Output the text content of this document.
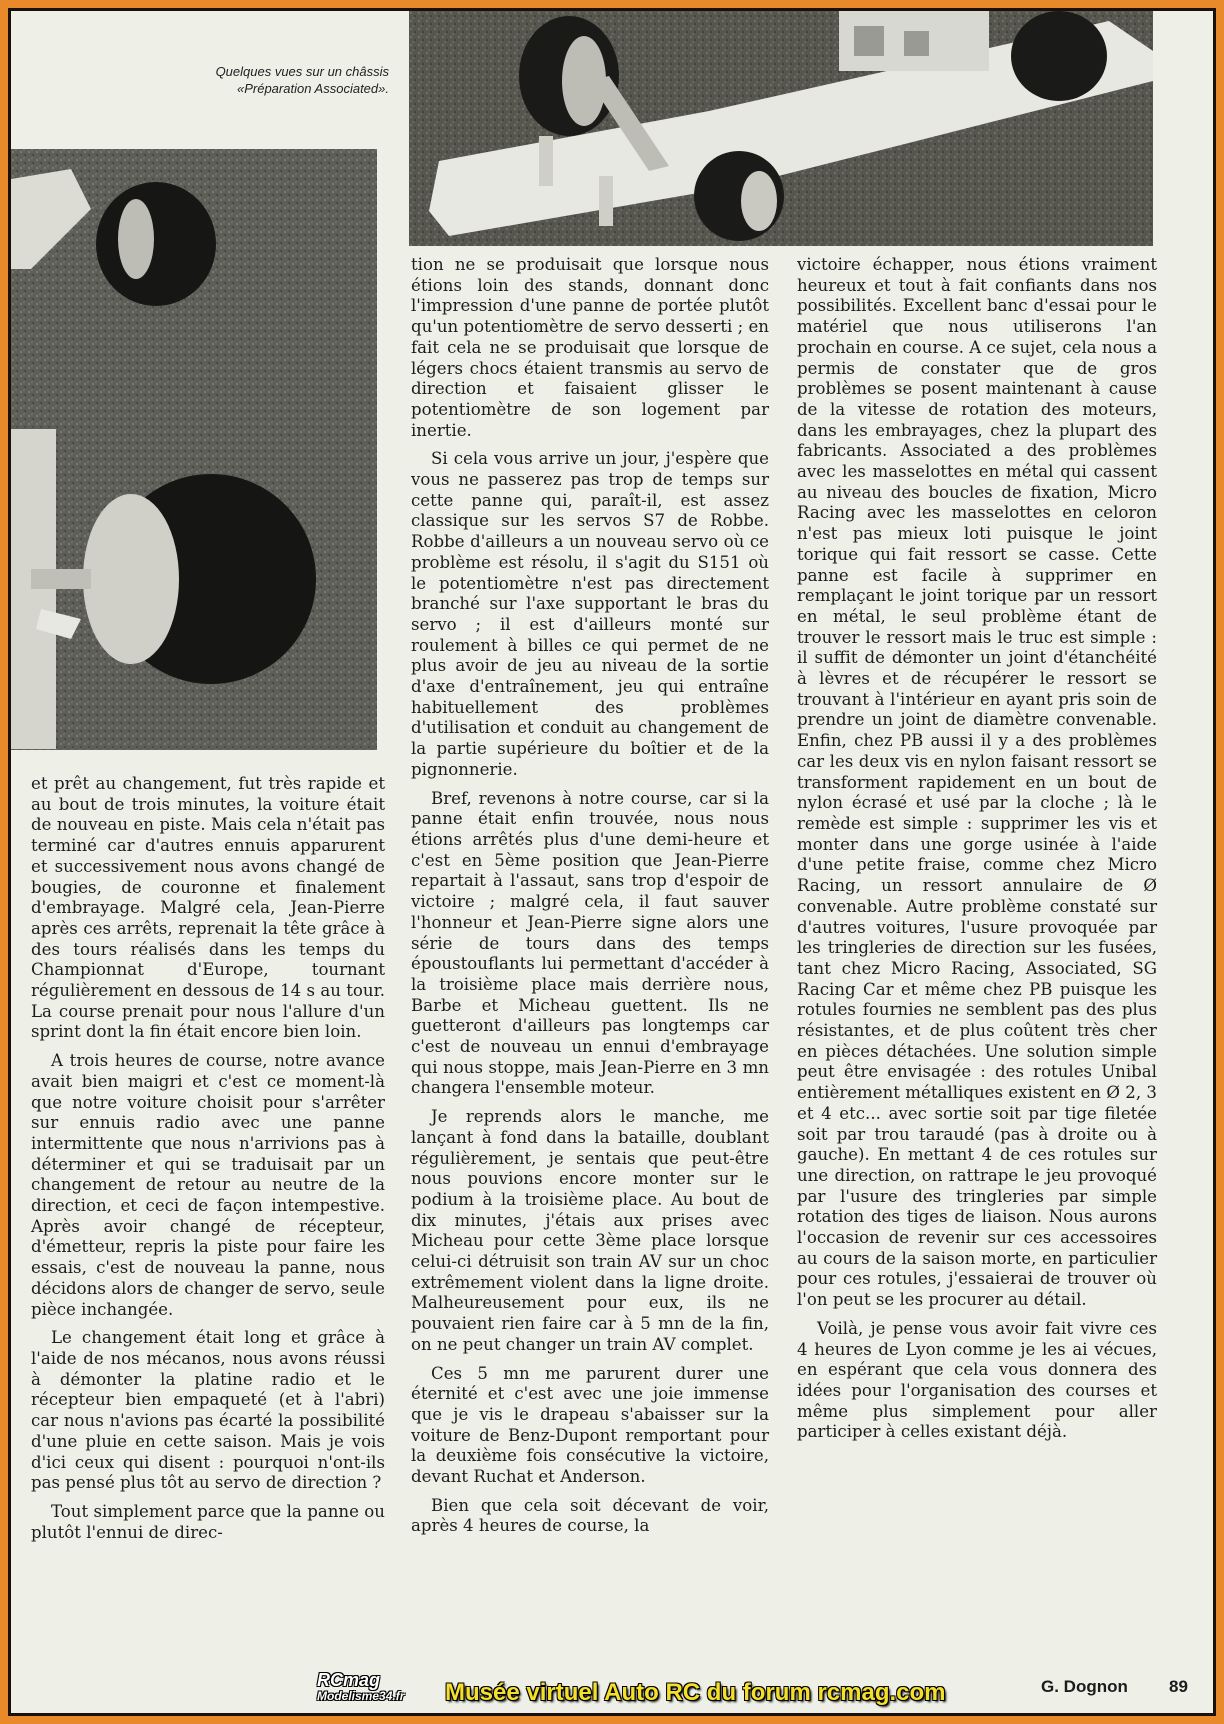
Quelques vues sur un châssis
«Préparation Associated».

et prêt au changement, fut très rapide et au bout de trois minutes, la voiture était de nouveau en piste. Mais cela n'était pas terminé car d'autres ennuis apparurent et successivement nous avons changé de bougies, de couronne et finalement d'embrayage. Malgré cela, Jean-Pierre après ces arrêts, reprenait la tête grâce à des tours réalisés dans les temps du Championnat d'Europe, tournant régulièrement en dessous de 14 s au tour. La course prenait pour nous l'allure d'un sprint dont la fin était encore bien loin.

A trois heures de course, notre avance avait bien maigri et c'est ce moment-là que notre voiture choisit pour s'arrêter sur ennuis radio avec une panne intermittente que nous n'arrivions pas à déterminer et qui se traduisait par un changement de retour au neutre de la direction, et ceci de façon intempestive. Après avoir changé de récepteur, d'émetteur, repris la piste pour faire les essais, c'est de nouveau la panne, nous décidons alors de changer de servo, seule pièce inchangée.

Le changement était long et grâce à l'aide de nos mécanos, nous avons réussi à démonter la platine radio et le récepteur bien empaqueté (et à l'abri) car nous n'avions pas écarté la possibilité d'une pluie en cette saison. Mais je vois d'ici ceux qui disent : pourquoi n'ont-ils pas pensé plus tôt au servo de direction ?

Tout simplement parce que la panne ou plutôt l'ennui de direc-

tion ne se produisait que lorsque nous étions loin des stands, donnant donc l'impression d'une panne de portée plutôt qu'un potentiomètre de servo desserti ; en fait cela ne se produisait que lorsque de légers chocs étaient transmis au servo de direction et faisaient glisser le potentiomètre de son logement par inertie.

Si cela vous arrive un jour, j'espère que vous ne passerez pas trop de temps sur cette panne qui, paraît-il, est assez classique sur les servos S7 de Robbe. Robbe d'ailleurs a un nouveau servo où ce problème est résolu, il s'agit du S151 où le potentiomètre n'est pas directement branché sur l'axe supportant le bras du servo ; il est d'ailleurs monté sur roulement à billes ce qui permet de ne plus avoir de jeu au niveau de la sortie d'axe d'entraînement, jeu qui entraîne habituellement des problèmes d'utilisation et conduit au changement de la partie supérieure du boîtier et de la pignonnerie.

Bref, revenons à notre course, car si la panne était enfin trouvée, nous nous étions arrêtés plus d'une demi-heure et c'est en 5ème position que Jean-Pierre repartait à l'assaut, sans trop d'espoir de victoire ; malgré cela, il faut sauver l'honneur et Jean-Pierre signe alors une série de tours dans des temps époustouflants lui permettant d'accéder à la troisième place mais derrière nous, Barbe et Micheau guettent. Ils ne guetteront d'ailleurs pas longtemps car c'est de nouveau un ennui d'embrayage qui nous stoppe, mais Jean-Pierre en 3 mn changera l'ensemble moteur.

Je reprends alors le manche, me lançant à fond dans la bataille, doublant régulièrement, je sentais que peut-être nous pouvions encore monter sur le podium à la troisième place. Au bout de dix minutes, j'étais aux prises avec Micheau pour cette 3ème place lorsque celui-ci détruisit son train AV sur un choc extrêmement violent dans la ligne droite. Malheureusement pour eux, ils ne pouvaient rien faire car à 5 mn de la fin, on ne peut changer un train AV complet.

Ces 5 mn me parurent durer une éternité et c'est avec une joie immense que je vis le drapeau s'abaisser sur la voiture de Benz-Dupont remportant pour la deuxième fois consécutive la victoire, devant Ruchat et Anderson.

Bien que cela soit décevant de voir, après 4 heures de course, la

victoire échapper, nous étions vraiment heureux et tout à fait confiants dans nos possibilités. Excellent banc d'essai pour le matériel que nous utiliserons l'an prochain en course. A ce sujet, cela nous a permis de constater que de gros problèmes se posent maintenant à cause de la vitesse de rotation des moteurs, dans les embrayages, chez la plupart des fabricants. Associated a des problèmes avec les masselottes en métal qui cassent au niveau des boucles de fixation, Micro Racing avec les masselottes en celoron n'est pas mieux loti puisque le joint torique qui fait ressort se casse. Cette panne est facile à supprimer en remplaçant le joint torique par un ressort en métal, le seul problème étant de trouver le ressort mais le truc est simple : il suffit de démonter un joint d'étanchéité à lèvres et de récupérer le ressort se trouvant à l'intérieur en ayant pris soin de prendre un joint de diamètre convenable. Enfin, chez PB aussi il y a des problèmes car les deux vis en nylon faisant ressort se transforment rapidement en un bout de nylon écrasé et usé par la cloche ; là le remède est simple : supprimer les vis et monter dans une gorge usinée à l'aide d'une petite fraise, comme chez Micro Racing, un ressort annulaire de Ø convenable. Autre problème constaté sur d'autres voitures, l'usure provoquée par les tringleries de direction sur les fusées, tant chez Micro Racing, Associated, SG Racing Car et même chez PB puisque les rotules fournies ne semblent pas des plus résistantes, et de plus coûtent très cher en pièces détachées. Une solution simple peut être envisagée : des rotules Unibal entièrement métalliques existent en Ø 2, 3 et 4 etc... avec sortie soit par tige filetée soit par trou taraudé (pas à droite ou à gauche). En mettant 4 de ces rotules sur une direction, on rattrape le jeu provoqué par l'usure des tringleries par simple rotation des tiges de liaison. Nous aurons l'occasion de revenir sur ces accessoires au cours de la saison morte, en particulier pour ces rotules, j'essaierai de trouver où l'on peut se les procurer au détail.

Voilà, je pense vous avoir fait vivre ces 4 heures de Lyon comme je les ai vécues, en espérant que cela vous donnera des idées pour l'organisation des courses et même plus simplement pour aller participer à celles existant déjà.

G. Dognon 89
RCmag
Modelisme34.fr	Musée virtuel Auto RC du forum rcmag.com
